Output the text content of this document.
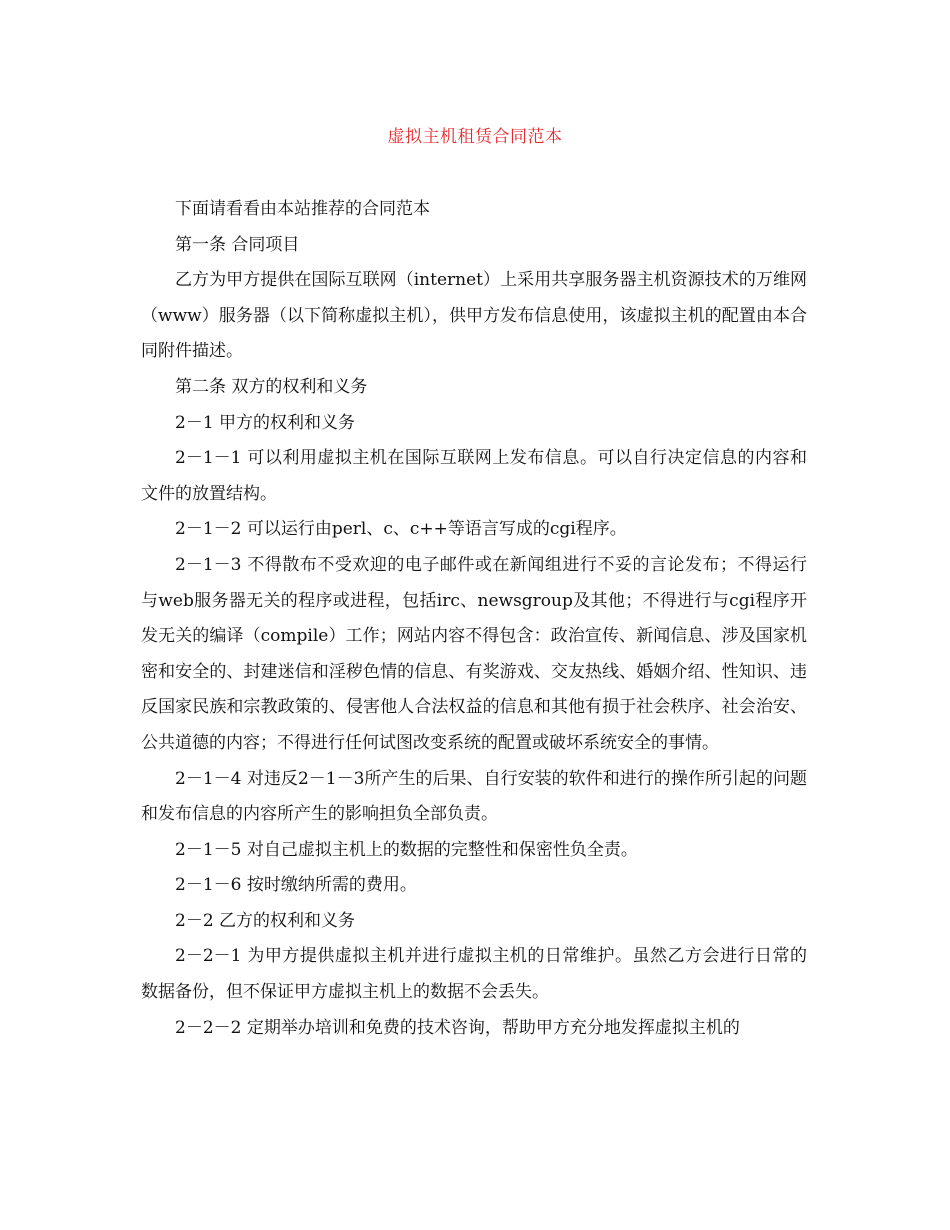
虚拟主机租赁合同范本

下面请看看由本站推荐的合同范本

第一条 合同项目

乙方为甲方提供在国际互联网（internet）上采用共享服务器主机资源技术的万维网（www）服务器（以下简称虚拟主机），供甲方发布信息使用，该虚拟主机的配置由本合同附件描述。

第二条 双方的权利和义务

2－1 甲方的权利和义务

2－1－1 可以利用虚拟主机在国际互联网上发布信息。可以自行决定信息的内容和文件的放置结构。

2－1－2 可以运行由perl、c、c++等语言写成的cgi程序。

2－1－3 不得散布不受欢迎的电子邮件或在新闻组进行不妥的言论发布；不得运行与web服务器无关的程序或进程，包括irc、newsgroup及其他；不得进行与cgi程序开发无关的编译（compile）工作；网站内容不得包含：政治宣传、新闻信息、涉及国家机密和安全的、封建迷信和淫秽色情的信息、有奖游戏、交友热线、婚姻介绍、性知识、违反国家民族和宗教政策的、侵害他人合法权益的信息和其他有损于社会秩序、社会治安、公共道德的内容；不得进行任何试图改变系统的配置或破坏系统安全的事情。

2－1－4 对违反2－1－3所产生的后果、自行安装的软件和进行的操作所引起的问题和发布信息的内容所产生的影响担负全部负责。

2－1－5 对自己虚拟主机上的数据的完整性和保密性负全责。

2－1－6 按时缴纳所需的费用。

2－2 乙方的权利和义务

2－2－1 为甲方提供虚拟主机并进行虚拟主机的日常维护。虽然乙方会进行日常的数据备份，但不保证甲方虚拟主机上的数据不会丢失。

2－2－2 定期举办培训和免费的技术咨询，帮助甲方充分地发挥虚拟主机的
